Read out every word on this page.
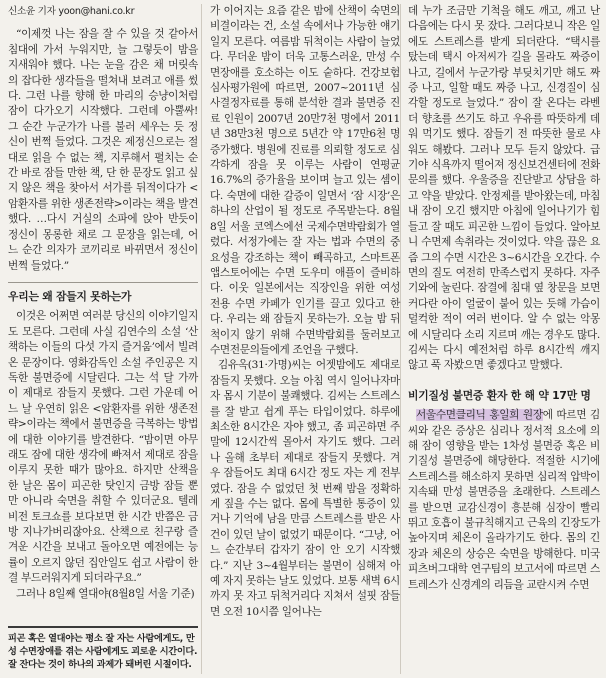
신소윤 기자 yoon@hani.co.kr

“이제껏 나는 잠을 잘 수 있을 것 같아서 침대에 가서 누워지만, 늘 그렇듯이 밤을 지새워야 했다. 나는 눈을 감은 채 머릿속의 잡다한 생각들을 떨쳐내 보려고 애를 썼다. 그런 나를 향해 한 마리의 승냥이처럼 잠이 다가오기 시작했다. 그런데 아뿔싸! 그 순간 누군가가 나를 불러 세우는 듯 정신이 번쩍 들었다. 그것은 제정신으로는 절대로 읽을 수 없는 책, 지루해서 펼치는 순간 바로 잠들 만한 책, 단 한 문장도 읽고 싶지 않은 책을 찾아서 서가를 뒤적이다가 <암환자를 위한 생존전략>이라는 책을 발견했다. …다시 거실의 소파에 앉아 반듯이 정신이 몽롱한 채로 그 문장을 읽는데, 어느 순간 의자가 코끼리로 바뀌면서 정신이 번쩍 들었다.”

우리는 왜 잠들지 못하는가

이것은 어쩌면 여러분 당신의 이야기일지도 모른다. 그런데 사실 김연수의 소설 ‘산책하는 이들의 다섯 가지 즐거움’에서 빌려온 문장이다. 영화감독인 소설 주인공은 지독한 불면증에 시달린다. 그는 석 달 가까이 제대로 잠들지 못했다. 그런 가운데 어느 날 우연히 읽은 <암환자를 위한 생존전략>이라는 책에서 불면증을 극복하는 방법에 대한 이야기를 발견한다. “밤이면 아무래도 잠에 대한 생각에 빠져서 제대로 잠을 이루지 못한 때가 많아요. 하지만 산책을 한 날은 몸이 피곤한 탓인지 금방 잠들 뿐만 아니라 숙면을 취할 수 있더군요. 텔레비전 토크쇼를 보다보면 한 시간 반쯤은 금방 지나가버리잖아요. 산책으로 친구랑 즐겨운 시간을 보내고 돌아오면 예전에는 능률이 오르지 않던 집안일도 쉽고 사람이 한결 부드러워지게 되더라구요.”

그러나 8일째 열대야(8월8일 서울 기준)

피곤 혹은 열대야는 평소 잘 자는 사람에게도, 만성 수면장애를 겪는 사람에게도 괴로운 시간이다. 잘 잔다는 것이 하나의 과제가 돼버린 시절이다.

가 이어지는 요즘 같은 밤에 산책이 숙면의 비결이라는 건, 소설 속에서나 가능한 얘기일지 모른다. 여름밤 뒤척이는 사람이 늘었다. 무더운 밤이 더욱 고통스러운, 만성 수면장애를 호소하는 이도 숱하다. 건강보험심사평가원에 따르면, 2007~2011년 심사결정자료를 통해 분석한 결과 불면증 진료 인원이 2007년 20만7천 명에서 2011년 38만3천 명으로 5년간 약 17만6천 명 증가했다. 병원에 진료를 의뢰할 정도로 심각하게 잠을 못 이루는 사람이 연평균 16.7%의 증가율을 보이며 늘고 있는 셈이다. 숙면에 대한 갈증이 일면서 ‘잠 시장’은 하나의 산업이 될 정도로 주목받는다. 8월8일 서울 코엑스에선 국제수면박람회가 열렸다. 서정가에는 잘 자는 법과 수면의 중요성을 강조하는 책이 빼곡하고, 스마트폰 앱스토어에는 수면 도우미 애플이 즐비하다. 이웃 일본에서는 직장인을 위한 여성 전용 수면 카페가 인기를 끌고 있다고 한다. 우리는 왜 잠들지 못하는가. 오늘 밤 뒤척이지 않기 위해 수면박람회를 둘러보고 수면전문의들에게 조언을 구했다.

김유옥(31·가명)씨는 어젯밤에도 제대로 잠들지 못했다. 오늘 아침 역시 일어나자마자 몸시 기분이 불쾌했다. 김씨는 스트레스를 잘 받고 쉽게 푸는 타입이었다. 하루에 최소한 8시간은 자야 했고, 좀 피곤하면 주말에 12시간씩 몰아서 자기도 했다. 그러나 올해 초부터 제대로 잠들지 못했다. 겨우 잠들어도 최대 6시간 정도 자는 게 전부였다. 잠을 수 없었던 첫 번째 밤을 정확하게 짚을 수는 없다. 몸에 특별한 통증이 있거나 기억에 남을 만큼 스트레스를 받은 사건이 있던 날이 없었기 때문이다. “그냥, 어느 순간부터 갑자기 잠이 안 오기 시작했다.” 지난 3~4월부터는 불면이 심해져 아예 자지 못하는 날도 있었다. 보통 새벽 6시까지 못 자고 뒤척거리다 지쳐서 설핏 잠들면 오전 10시쯤 일어나는

데 누가 조금만 기척을 해도 깨고, 깨고 난 다음에는 다시 못 잤다. 그러다보니 작은 일에도 스트레스를 받게 되더란다. “택시를 탔는데 택시 아저씨가 길을 몰라도 짜증이 나고, 길에서 누군가랑 부딪치기만 해도 짜증 나고, 일할 때도 짜증 나고, 신경질이 심각할 정도로 늘었다.” 잠이 잘 온다는 라벤더 향초를 쓰기도 하고 우유를 따뜻하게 데워 먹기도 했다. 잠들기 전 따뜻한 물로 샤워도 해봤다. 그러나 모두 듣지 않았다. 급기야 식욕까지 떨어져 정신보건센터에 전화 문의를 했다. 우울증을 진단받고 상담을 하고 약을 받았다. 안정제를 받아왔는데, 마침내 잠이 오긴 했지만 아침에 일어나기가 힘들고 잘 때도 피곤한 느낌이 들었다. 알아보니 수면제 속취라는 것이었다. 약을 끊은 요즘 그의 수면 시간은 3~6시간을 오간다. 수면의 질도 여전히 만족스럽지 못하다. 자주 기와에 눌린다. 잠결에 침대 옆 창문을 보면 커다란 아이 얼굴이 붙어 있는 듯해 가슴이 덜컥한 적이 여러 번이다. 알 수 없는 악몽에 시달리다 소리 지르며 깨는 경우도 많다. 김씨는 다시 예전처럼 하루 8시간씩 깨지 않고 푹 자봤으면 좋겠다고 말했다.

비기질성 불면증 환자 한 해 약 17만 명

서울수면클리닉 홍일희 원장에 따르면 김씨와 같은 증상은 심리나 정서적 요소에 의해 잠이 영향을 받는 1차성 불면증 혹은 비기질성 불면증에 해당한다. 적절한 시기에 스트레스를 해소하지 못하면 심리적 압박이 지속돼 만성 불면증을 초래한다. 스트레스를 받으면 교감신경이 흥분해 심장이 빨리 뛰고 호흡이 불규칙해지고 근육의 긴장도가 높아지며 체온이 올라가기도 한다. 몸의 긴장과 체온의 상승은 숙면을 방해한다. 미국 피츠버그대학 연구팀의 보고서에 따르면 스트레스가 신경계의 리듬을 교란시켜 수면
